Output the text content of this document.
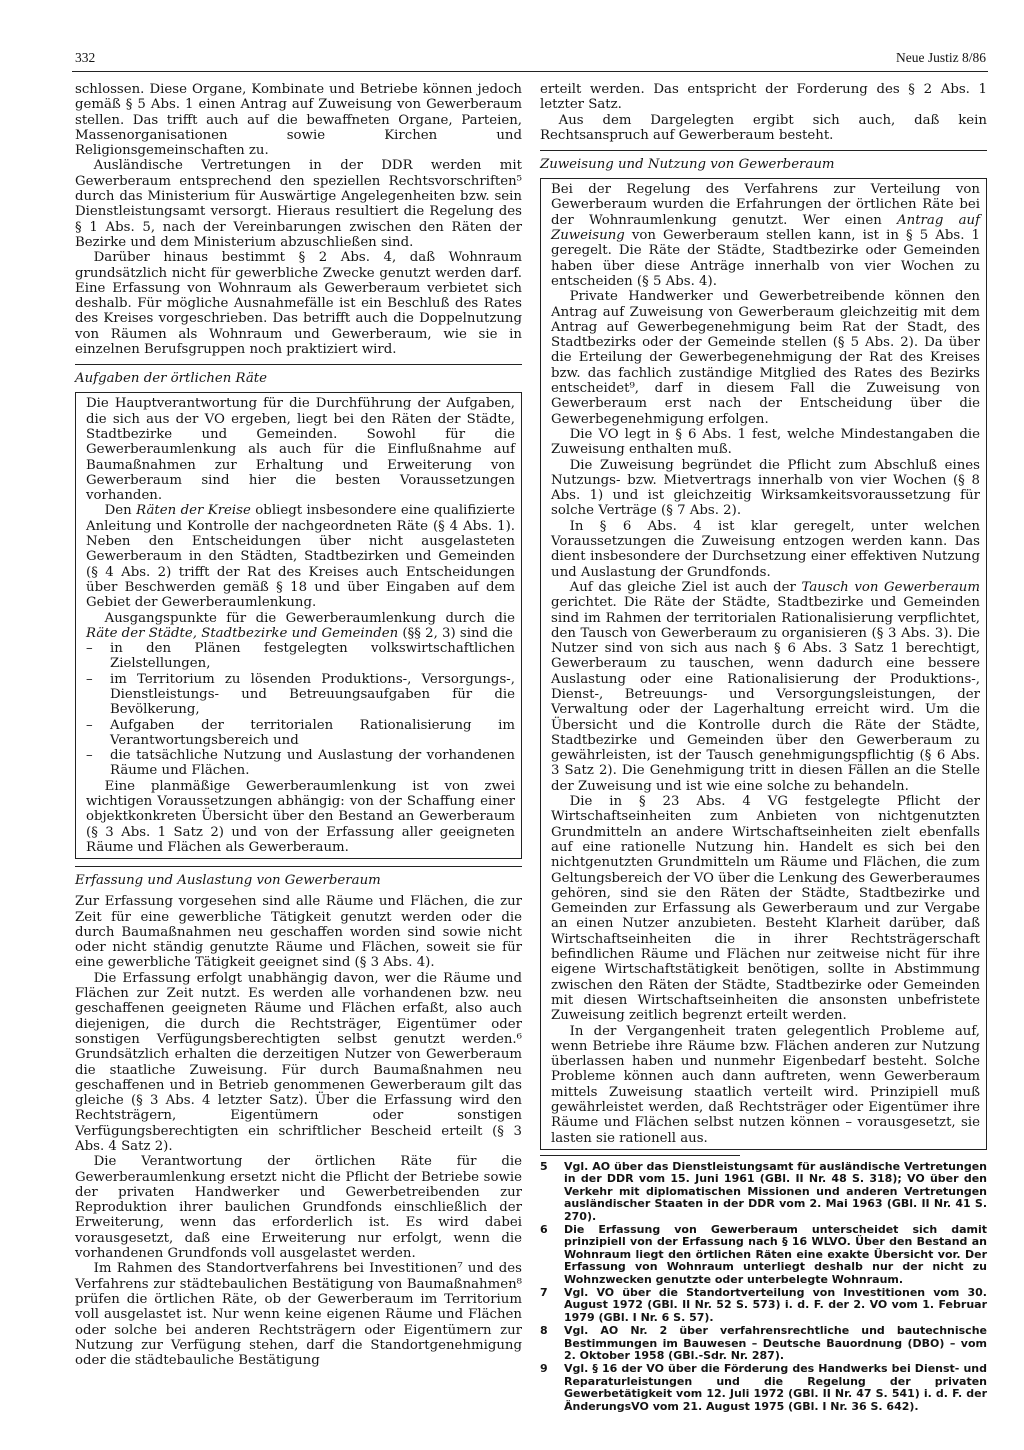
332	Neue Justiz 8/86

schlossen. Diese Organe, Kombinate und Betriebe können jedoch gemäß § 5 Abs. 1 einen Antrag auf Zuweisung von Gewerberaum stellen. Das trifft auch auf die bewaffneten Organe, Parteien, Massenorganisationen sowie Kirchen und Religionsgemeinschaften zu.

Ausländische Vertretungen in der DDR werden mit Gewerberaum entsprechend den speziellen Rechtsvorschriften⁵ durch das Ministerium für Auswärtige Angelegenheiten bzw. sein Dienstleistungsamt versorgt. Hieraus resultiert die Regelung des § 1 Abs. 5, nach der Vereinbarungen zwischen den Räten der Bezirke und dem Ministerium abzuschließen sind.

Darüber hinaus bestimmt § 2 Abs. 4, daß Wohnraum grundsätzlich nicht für gewerbliche Zwecke genutzt werden darf. Eine Erfassung von Wohnraum als Gewerberaum verbietet sich deshalb. Für mögliche Ausnahmefälle ist ein Beschluß des Rates des Kreises vorgeschrieben. Das betrifft auch die Doppelnutzung von Räumen als Wohnraum und Gewerberaum, wie sie in einzelnen Berufsgruppen noch praktiziert wird.

Aufgaben der örtlichen Räte

Die Hauptverantwortung für die Durchführung der Aufgaben, die sich aus der VO ergeben, liegt bei den Räten der Städte, Stadtbezirke und Gemeinden. Sowohl für die Gewerberaumlenkung als auch für die Einflußnahme auf Baumaßnahmen zur Erhaltung und Erweiterung von Gewerberaum sind hier die besten Voraussetzungen vorhanden.

Den Räten der Kreise obliegt insbesondere eine qualifizierte Anleitung und Kontrolle der nachgeordneten Räte (§ 4 Abs. 1). Neben den Entscheidungen über nicht ausgelasteten Gewerberaum in den Städten, Stadtbezirken und Gemeinden (§ 4 Abs. 2) trifft der Rat des Kreises auch Entscheidungen über Beschwerden gemäß § 18 und über Eingaben auf dem Gebiet der Gewerberaumlenkung.

Ausgangspunkte für die Gewerberaumlenkung durch die Räte der Städte, Stadtbezirke und Gemeinden (§§ 2, 3) sind die

– in den Plänen festgelegten volkswirtschaftlichen Zielstellungen,
– im Territorium zu lösenden Produktions-, Versorgungs-, Dienstleistungs- und Betreuungsaufgaben für die Bevölkerung,
– Aufgaben der territorialen Rationalisierung im Verantwortungsbereich und
– die tatsächliche Nutzung und Auslastung der vorhandenen Räume und Flächen.

Eine planmäßige Gewerberaumlenkung ist von zwei wichtigen Voraussetzungen abhängig: von der Schaffung einer objektkonkreten Übersicht über den Bestand an Gewerberaum (§ 3 Abs. 1 Satz 2) und von der Erfassung aller geeigneten Räume und Flächen als Gewerberaum.

Erfassung und Auslastung von Gewerberaum

Zur Erfassung vorgesehen sind alle Räume und Flächen, die zur Zeit für eine gewerbliche Tätigkeit genutzt werden oder die durch Baumaßnahmen neu geschaffen worden sind sowie nicht oder nicht ständig genutzte Räume und Flächen, soweit sie für eine gewerbliche Tätigkeit geeignet sind (§ 3 Abs. 4).

Die Erfassung erfolgt unabhängig davon, wer die Räume und Flächen zur Zeit nutzt. Es werden alle vorhandenen bzw. neu geschaffenen geeigneten Räume und Flächen erfaßt, also auch diejenigen, die durch die Rechtsträger, Eigentümer oder sonstigen Verfügungsberechtigten selbst genutzt werden.⁶ Grundsätzlich erhalten die derzeitigen Nutzer von Gewerberaum die staatliche Zuweisung. Für durch Baumaßnahmen neu geschaffenen und in Betrieb genommenen Gewerberaum gilt das gleiche (§ 3 Abs. 4 letzter Satz). Über die Erfassung wird den Rechtsträgern, Eigentümern oder sonstigen Verfügungsberechtigten ein schriftlicher Bescheid erteilt (§ 3 Abs. 4 Satz 2).

Die Verantwortung der örtlichen Räte für die Gewerberaumlenkung ersetzt nicht die Pflicht der Betriebe sowie der privaten Handwerker und Gewerbetreibenden zur Reproduktion ihrer baulichen Grundfonds einschließlich der Erweiterung, wenn das erforderlich ist. Es wird dabei vorausgesetzt, daß eine Erweiterung nur erfolgt, wenn die vorhandenen Grundfonds voll ausgelastet werden.

Im Rahmen des Standortverfahrens bei Investitionen⁷ und des Verfahrens zur städtebaulichen Bestätigung von Baumaßnahmen⁸ prüfen die örtlichen Räte, ob der Gewerberaum im Territorium voll ausgelastet ist. Nur wenn keine eigenen Räume und Flächen oder solche bei anderen Rechtsträgern oder Eigentümern zur Nutzung zur Verfügung stehen, darf die Standortgenehmigung oder die städtebauliche Bestätigung

erteilt werden. Das entspricht der Forderung des § 2 Abs. 1 letzter Satz.

Aus dem Dargelegten ergibt sich auch, daß kein Rechtsanspruch auf Gewerberaum besteht.

Zuweisung und Nutzung von Gewerberaum

Bei der Regelung des Verfahrens zur Verteilung von Gewerberaum wurden die Erfahrungen der örtlichen Räte bei der Wohnraumlenkung genutzt. Wer einen Antrag auf Zuweisung von Gewerberaum stellen kann, ist in § 5 Abs. 1 geregelt. Die Räte der Städte, Stadtbezirke oder Gemeinden haben über diese Anträge innerhalb von vier Wochen zu entscheiden (§ 5 Abs. 4).

Private Handwerker und Gewerbetreibende können den Antrag auf Zuweisung von Gewerberaum gleichzeitig mit dem Antrag auf Gewerbegenehmigung beim Rat der Stadt, des Stadtbezirks oder der Gemeinde stellen (§ 5 Abs. 2). Da über die Erteilung der Gewerbegenehmigung der Rat des Kreises bzw. das fachlich zuständige Mitglied des Rates des Bezirks entscheidet⁹, darf in diesem Fall die Zuweisung von Gewerberaum erst nach der Entscheidung über die Gewerbegenehmigung erfolgen.

Die VO legt in § 6 Abs. 1 fest, welche Mindestangaben die Zuweisung enthalten muß.

Die Zuweisung begründet die Pflicht zum Abschluß eines Nutzungs- bzw. Mietvertrags innerhalb von vier Wochen (§ 8 Abs. 1) und ist gleichzeitig Wirksamkeitsvoraussetzung für solche Verträge (§ 7 Abs. 2).

In § 6 Abs. 4 ist klar geregelt, unter welchen Voraussetzungen die Zuweisung entzogen werden kann. Das dient insbesondere der Durchsetzung einer effektiven Nutzung und Auslastung der Grundfonds.

Auf das gleiche Ziel ist auch der Tausch von Gewerberaum gerichtet. Die Räte der Städte, Stadtbezirke und Gemeinden sind im Rahmen der territorialen Rationalisierung verpflichtet, den Tausch von Gewerberaum zu organisieren (§ 3 Abs. 3). Die Nutzer sind von sich aus nach § 6 Abs. 3 Satz 1 berechtigt, Gewerberaum zu tauschen, wenn dadurch eine bessere Auslastung oder eine Rationalisierung der Produktions-, Dienst-, Betreuungs- und Versorgungsleistungen, der Verwaltung oder der Lagerhaltung erreicht wird. Um die Übersicht und die Kontrolle durch die Räte der Städte, Stadtbezirke und Gemeinden über den Gewerberaum zu gewährleisten, ist der Tausch genehmigungspflichtig (§ 6 Abs. 3 Satz 2). Die Genehmigung tritt in diesen Fällen an die Stelle der Zuweisung und ist wie eine solche zu behandeln.

Die in § 23 Abs. 4 VG festgelegte Pflicht der Wirtschaftseinheiten zum Anbieten von nichtgenutzten Grundmitteln an andere Wirtschaftseinheiten zielt ebenfalls auf eine rationelle Nutzung hin. Handelt es sich bei den nichtgenutzten Grundmitteln um Räume und Flächen, die zum Geltungsbereich der VO über die Lenkung des Gewerberaumes gehören, sind sie den Räten der Städte, Stadtbezirke und Gemeinden zur Erfassung als Gewerberaum und zur Vergabe an einen Nutzer anzubieten. Besteht Klarheit darüber, daß Wirtschaftseinheiten die in ihrer Rechtsträgerschaft befindlichen Räume und Flächen nur zeitweise nicht für ihre eigene Wirtschaftstätigkeit benötigen, sollte in Abstimmung zwischen den Räten der Städte, Stadtbezirke oder Gemeinden mit diesen Wirtschaftseinheiten die ansonsten unbefristete Zuweisung zeitlich begrenzt erteilt werden.

In der Vergangenheit traten gelegentlich Probleme auf, wenn Betriebe ihre Räume bzw. Flächen anderen zur Nutzung überlassen haben und nunmehr Eigenbedarf besteht. Solche Probleme können auch dann auftreten, wenn Gewerberaum mittels Zuweisung staatlich verteilt wird. Prinzipiell muß gewährleistet werden, daß Rechtsträger oder Eigentümer ihre Räume und Flächen selbst nutzen können – vorausgesetzt, sie lasten sie rationell aus.

5	Vgl. AO über das Dienstleistungsamt für ausländische Vertretungen in der DDR vom 15. Juni 1961 (GBl. II Nr. 48 S. 318); VO über den Verkehr mit diplomatischen Missionen und anderen Vertretungen ausländischer Staaten in der DDR vom 2. Mai 1963 (GBl. II Nr. 41 S. 270).
6	Die Erfassung von Gewerberaum unterscheidet sich damit prinzipiell von der Erfassung nach § 16 WLVO. Über den Bestand an Wohnraum liegt den örtlichen Räten eine exakte Übersicht vor. Der Erfassung von Wohnraum unterliegt deshalb nur der nicht zu Wohnzwecken genutzte oder unterbelegte Wohnraum.
7	Vgl. VO über die Standortverteilung von Investitionen vom 30. August 1972 (GBl. II Nr. 52 S. 573) i. d. F. der 2. VO vom 1. Februar 1979 (GBl. I Nr. 6 S. 57).
8	Vgl. AO Nr. 2 über verfahrensrechtliche und bautechnische Bestimmungen im Bauwesen – Deutsche Bauordnung (DBO) – vom 2. Oktober 1958 (GBl.-Sdr. Nr. 287).
9	Vgl. § 16 der VO über die Förderung des Handwerks bei Dienst- und Reparaturleistungen und die Regelung der privaten Gewerbetätigkeit vom 12. Juli 1972 (GBl. II Nr. 47 S. 541) i. d. F. der ÄnderungsVO vom 21. August 1975 (GBl. I Nr. 36 S. 642).
